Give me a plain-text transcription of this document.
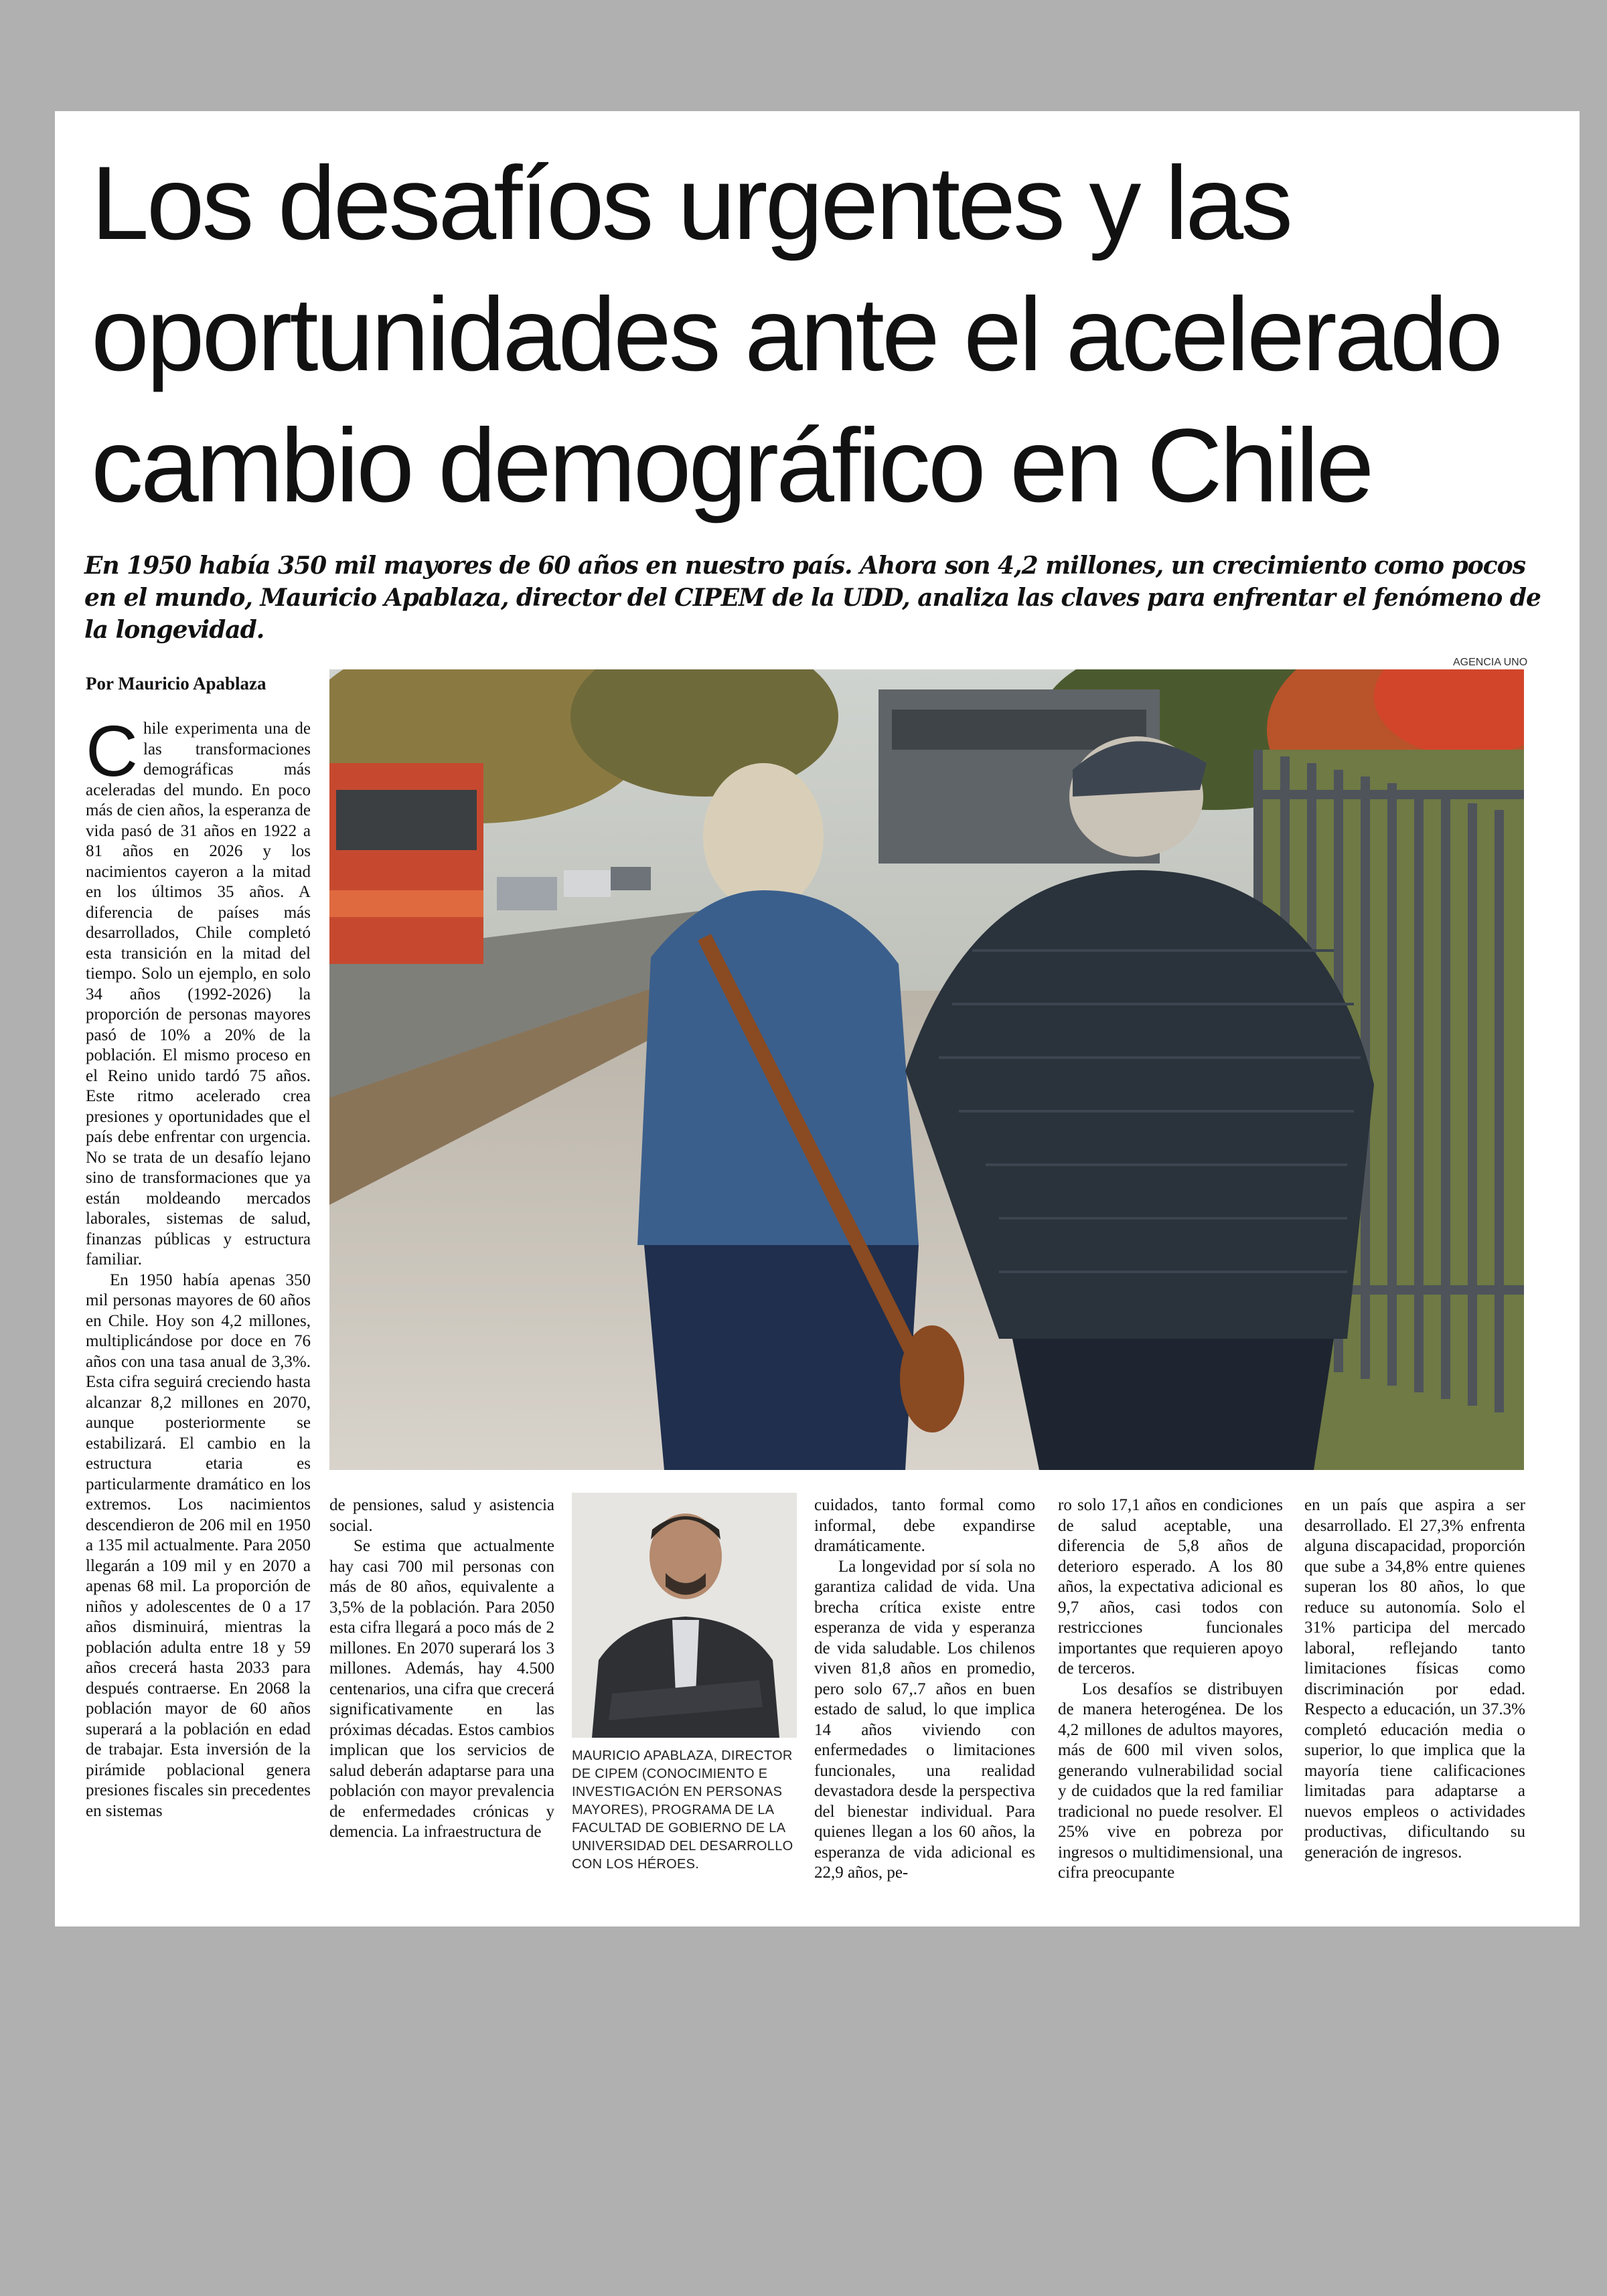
Los desafíos urgentes y las oportunidades ante el acelerado cambio demográfico en Chile

En 1950 había 350 mil mayores de 60 años en nuestro país. Ahora son 4,2 millones, un crecimiento como pocos en el mundo, Mauricio Apablaza, director del CIPEM de la UDD, analiza las claves para enfrentar el fenómeno de la longevidad.

Por Mauricio Apablaza
AGENCIA UNO

Chile experimenta una de las transformaciones demográficas más aceleradas del mundo. En poco más de cien años, la esperanza de vida pasó de 31 años en 1922 a 81 años en 2026 y los nacimientos cayeron a la mitad en los últimos 35 años. A diferencia de países más desarrollados, Chile completó esta transición en la mitad del tiempo. Solo un ejemplo, en solo 34 años (1992-2026) la proporción de personas mayores pasó de 10% a 20% de la población. El mismo proceso en el Reino unido tardó 75 años. Este ritmo acelerado crea presiones y oportunidades que el país debe enfrentar con urgencia. No se trata de un desafío lejano sino de transformaciones que ya están moldeando mercados laborales, sistemas de salud, finanzas públicas y estructura familiar.

En 1950 había apenas 350 mil personas mayores de 60 años en Chile. Hoy son 4,2 millones, multiplicándose por doce en 76 años con una tasa anual de 3,3%. Esta cifra seguirá creciendo hasta alcanzar 8,2 millones en 2070, aunque posteriormente se estabilizará. El cambio en la estructura etaria es particularmente dramático en los extremos. Los nacimientos descendieron de 206 mil en 1950 a 135 mil actualmente. Para 2050 llegarán a 109 mil y en 2070 a apenas 68 mil. La proporción de niños y adolescentes de 0 a 17 años disminuirá, mientras la población adulta entre 18 y 59 años crecerá hasta 2033 para después contraerse. En 2068 la población mayor de 60 años superará a la población en edad de trabajar. Esta inversión de la pirámide poblacional genera presiones fiscales sin precedentes en sistemas

de pensiones, salud y asistencia social.

Se estima que actualmente hay casi 700 mil personas con más de 80 años, equivalente a 3,5% de la población. Para 2050 esta cifra llegará a poco más de 2 millones. En 2070 superará los 3 millones. Además, hay 4.500 centenarios, una cifra que crecerá significativamente en las próximas décadas. Estos cambios implican que los servicios de salud deberán adaptarse para una población con mayor prevalencia de enfermedades crónicas y demencia. La infraestructura de

MAURICIO APABLAZA, DIRECTOR DE CIPEM (CONOCIMIENTO E INVESTIGACIÓN EN PERSONAS MAYORES), PROGRAMA DE LA FACULTAD DE GOBIERNO DE LA UNIVERSIDAD DEL DESARROLLO CON LOS HÉROES.

cuidados, tanto formal como informal, debe expandirse dramáticamente.

La longevidad por sí sola no garantiza calidad de vida. Una brecha crítica existe entre esperanza de vida y esperanza de vida saludable. Los chilenos viven 81,8 años en promedio, pero solo 67,.7 años en buen estado de salud, lo que implica 14 años viviendo con enfermedades o limitaciones funcionales, una realidad devastadora desde la perspectiva del bienestar individual. Para quienes llegan a los 60 años, la esperanza de vida adicional es 22,9 años, pe-

ro solo 17,1 años en condiciones de salud aceptable, una diferencia de 5,8 años de deterioro esperado. A los 80 años, la expectativa adicional es 9,7 años, casi todos con restricciones funcionales importantes que requieren apoyo de terceros.

Los desafíos se distribuyen de manera heterogénea. De los 4,2 millones de adultos mayores, más de 600 mil viven solos, generando vulnerabilidad social y de cuidados que la red familiar tradicional no puede resolver. El 25% vive en pobreza por ingresos o multidimensional, una cifra preocupante

en un país que aspira a ser desarrollado. El 27,3% enfrenta alguna discapacidad, proporción que sube a 34,8% entre quienes superan los 80 años, lo que reduce su autonomía. Solo el 31% participa del mercado laboral, reflejando tanto limitaciones físicas como discriminación por edad. Respecto a educación, un 37.3% completó educación media o superior, lo que implica que la mayoría tiene calificaciones limitadas para adaptarse a nuevos empleos o actividades productivas, dificultando su generación de ingresos.
